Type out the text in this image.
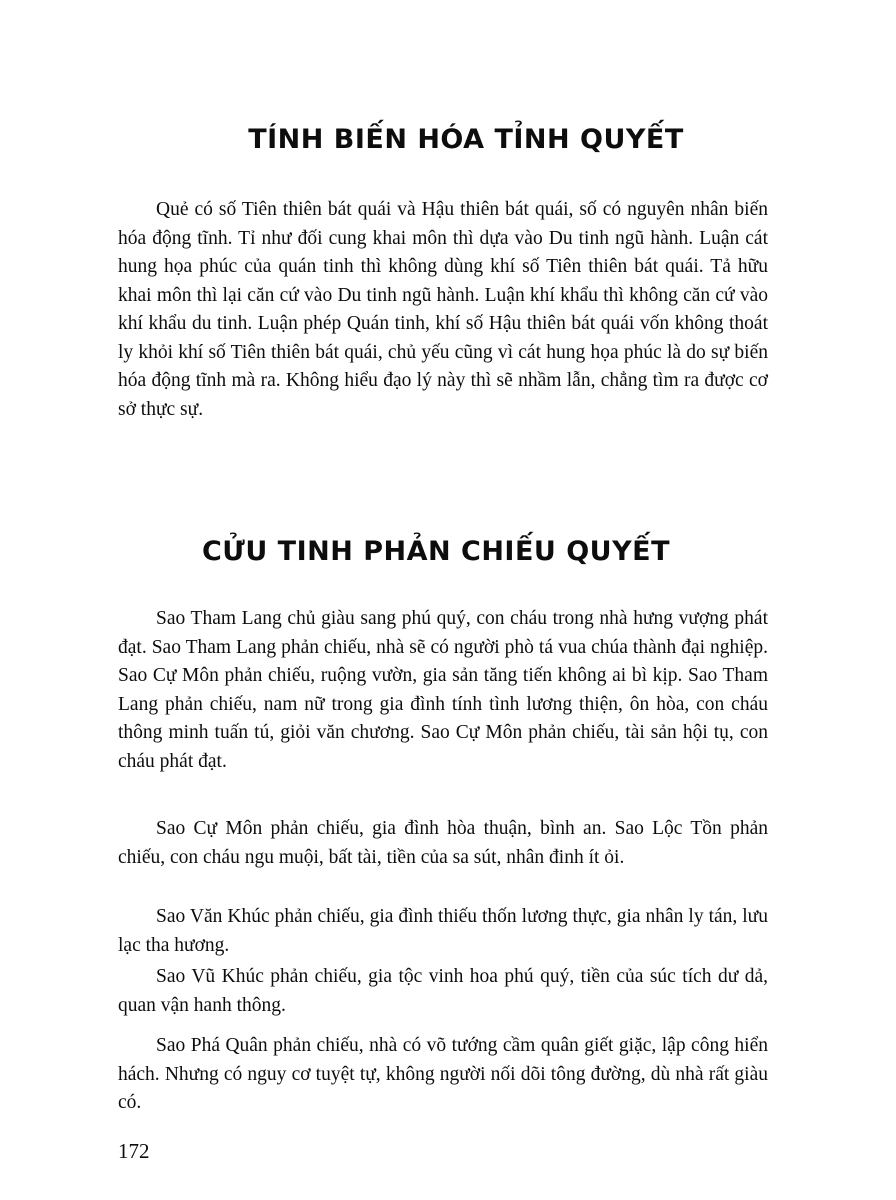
TÍNH BIẾN HÓA TỈNH QUYẾT

Quẻ có số Tiên thiên bát quái và Hậu thiên bát quái, số có nguyên nhân biến hóa động tĩnh. Tỉ như đối cung khai môn thì dựa vào Du tinh ngũ hành. Luận cát hung họa phúc của quán tinh thì không dùng khí số Tiên thiên bát quái. Tả hữu khai môn thì lại căn cứ vào Du tinh ngũ hành. Luận khí khẩu thì không căn cứ vào khí khẩu du tinh. Luận phép Quán tinh, khí số Hậu thiên bát quái vốn không thoát ly khỏi khí số Tiên thiên bát quái, chủ yếu cũng vì cát hung họa phúc là do sự biến hóa động tĩnh mà ra. Không hiểu đạo lý này thì sẽ nhầm lẫn, chẳng tìm ra được cơ sở thực sự.

CỬU TINH PHẢN CHIẾU QUYẾT

Sao Tham Lang chủ giàu sang phú quý, con cháu trong nhà hưng vượng phát đạt. Sao Tham Lang phản chiếu, nhà sẽ có người phò tá vua chúa thành đại nghiệp. Sao Cự Môn phản chiếu, ruộng vườn, gia sản tăng tiến không ai bì kịp. Sao Tham Lang phản chiếu, nam nữ trong gia đình tính tình lương thiện, ôn hòa, con cháu thông minh tuấn tú, giỏi văn chương. Sao Cự Môn phản chiếu, tài sản hội tụ, con cháu phát đạt.

Sao Cự Môn phản chiếu, gia đình hòa thuận, bình an. Sao Lộc Tồn phản chiếu, con cháu ngu muội, bất tài, tiền của sa sút, nhân đinh ít ỏi.

Sao Văn Khúc phản chiếu, gia đình thiếu thốn lương thực, gia nhân ly tán, lưu lạc tha hương.

Sao Vũ Khúc phản chiếu, gia tộc vinh hoa phú quý, tiền của súc tích dư dả, quan vận hanh thông.

Sao Phá Quân phản chiếu, nhà có võ tướng cầm quân giết giặc, lập công hiển hách. Nhưng có nguy cơ tuyệt tự, không người nối dõi tông đường, dù nhà rất giàu có.

172
